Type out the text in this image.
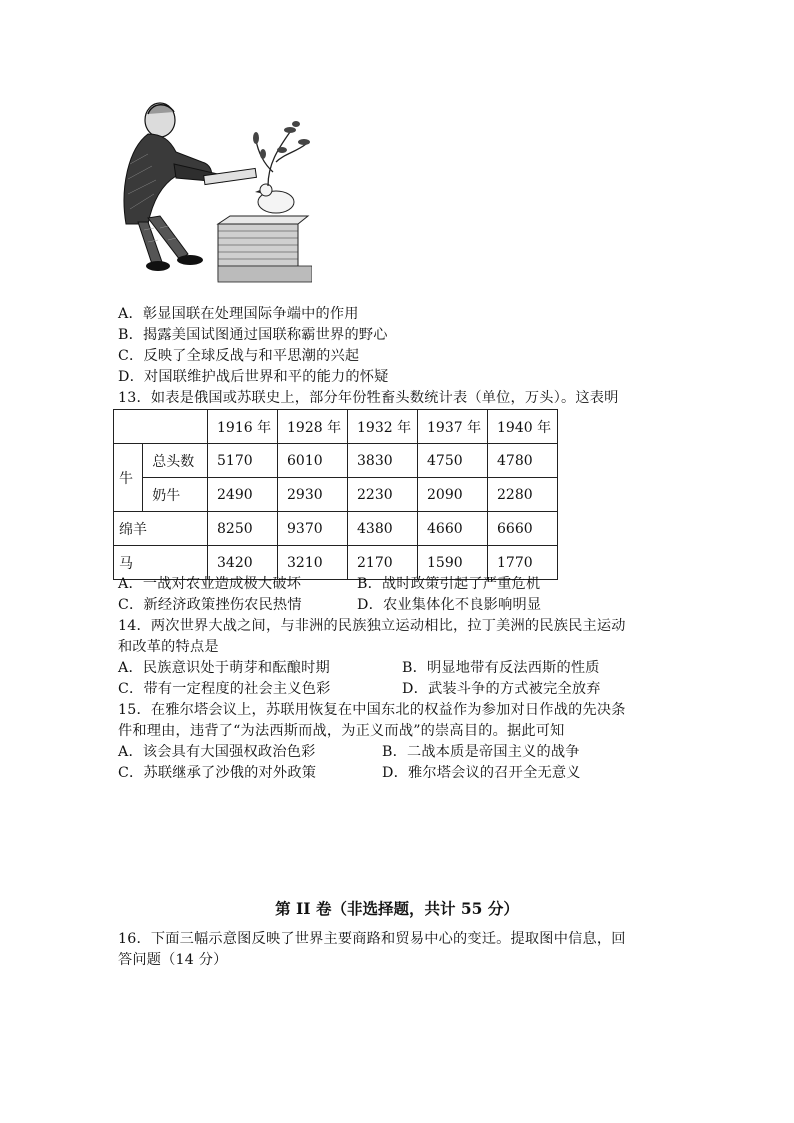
A．彰显国联在处理国际争端中的作用
B．揭露美国试图通过国联称霸世界的野心
C．反映了全球反战与和平思潮的兴起
D．对国联维护战后世界和平的能力的怀疑
13．如表是俄国或苏联史上，部分年份牲畜头数统计表（单位，万头）。这表明
		1916 年	1928 年	1932 年	1937 年	1940 年
牛	总头数	5170	6010	3830	4750	4780
	奶牛	2490	2930	2230	2090	2280
绵羊		8250	9370	4380	4660	6660
马		3420	3210	2170	1590	1770
A．一战对农业造成极大破坏	B．战时政策引起了严重危机
C．新经济政策挫伤农民热情	D．农业集体化不良影响明显
14．两次世界大战之间，与非洲的民族独立运动相比，拉丁美洲的民族民主运动
和改革的特点是
A．民族意识处于萌芽和酝酿时期	B．明显地带有反法西斯的性质
C．带有一定程度的社会主义色彩	D．武装斗争的方式被完全放弃
15．在雅尔塔会议上，苏联用恢复在中国东北的权益作为参加对日作战的先决条
件和理由，违背了“为法西斯而战，为正义而战”的崇高目的。据此可知
A．该会具有大国强权政治色彩	B．二战本质是帝国主义的战争
C．苏联继承了沙俄的对外政策	D．雅尔塔会议的召开全无意义
第 II 卷（非选择题，共计 55 分）
16．下面三幅示意图反映了世界主要商路和贸易中心的变迁。提取图中信息，回
答问题（14 分）
